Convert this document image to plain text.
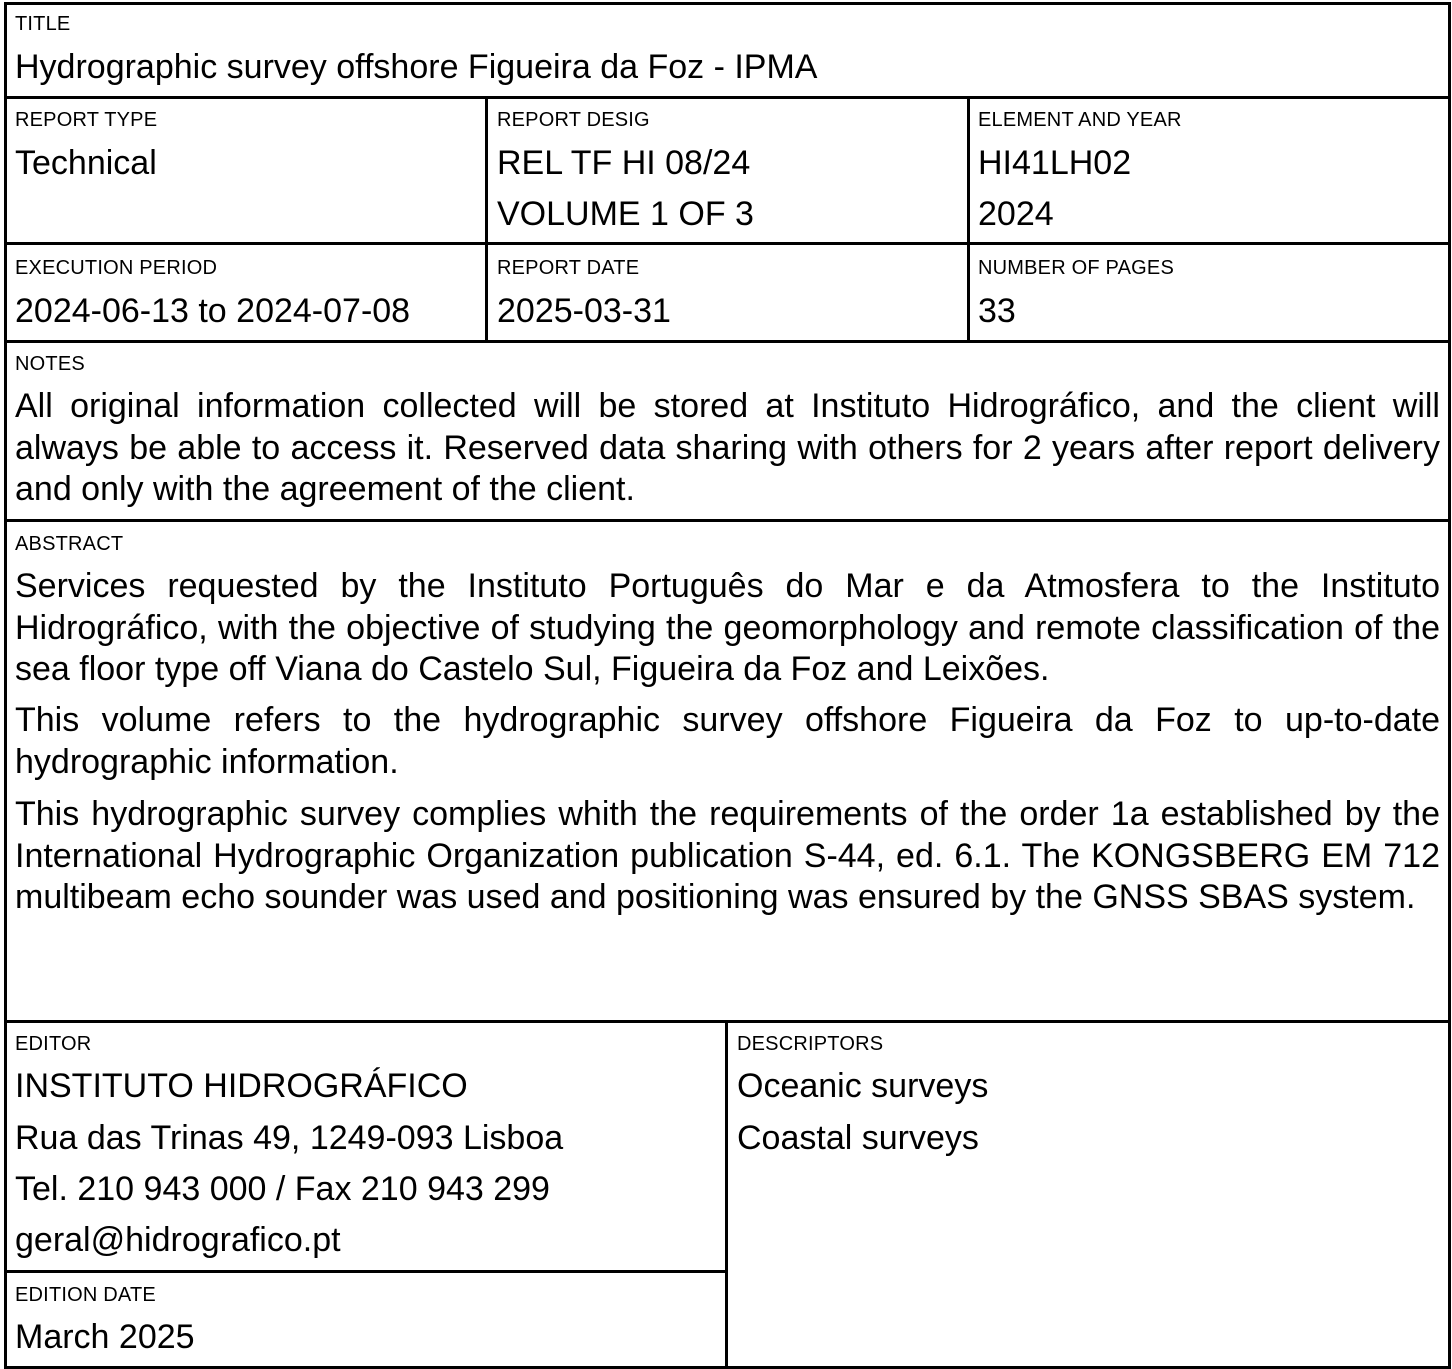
TITLE
Hydrographic survey offshore Figueira da Foz - IPMA
REPORT TYPE
Technical
REPORT DESIG
REL TF HI 08/24
VOLUME 1 OF 3
ELEMENT AND YEAR
HI41LH02
2024
EXECUTION PERIOD
2024-06-13 to 2024-07-08
REPORT DATE
2025-03-31
NUMBER OF PAGES
33
NOTES
All original information collected will be stored at Instituto Hidrográfico, and the client will always be able to access it. Reserved data sharing with others for 2 years after report delivery and only with the agreement of the client.
ABSTRACT
Services requested by the Instituto Português do Mar e da Atmosfera to the Instituto Hidrográfico, with the objective of studying the geomorphology and remote classification of the sea floor type off Viana do Castelo Sul, Figueira da Foz and Leixões.
This volume refers to the hydrographic survey offshore Figueira da Foz to up-to-date hydrographic information.
This hydrographic survey complies whith the requirements of the order 1a established by the International Hydrographic Organization publication S-44, ed. 6.1. The KONGSBERG EM 712 multibeam echo sounder was used and positioning was ensured by the GNSS SBAS system.
EDITOR
INSTITUTO HIDROGRÁFICO
Rua das Trinas 49, 1249-093 Lisboa
Tel. 210 943 000 / Fax 210 943 299
geral@hidrografico.pt
EDITION DATE
March 2025
DESCRIPTORS
Oceanic surveys
Coastal surveys
